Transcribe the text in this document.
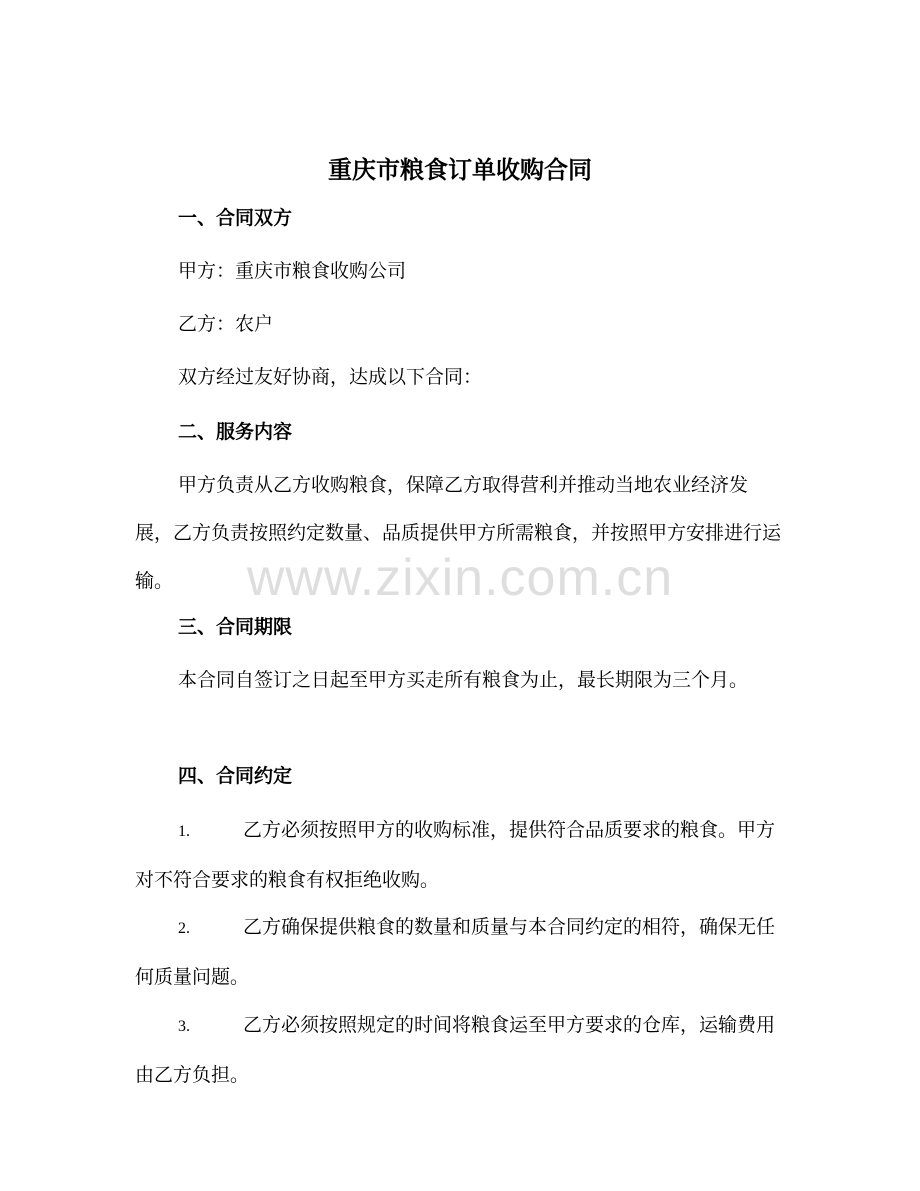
重庆市粮食订单收购合同

一、合同双方

甲方：重庆市粮食收购公司

乙方：农户

双方经过友好协商，达成以下合同：

二、服务内容

甲方负责从乙方收购粮食，保障乙方取得营利并推动当地农业经济发展，乙方负责按照约定数量、品质提供甲方所需粮食，并按照甲方安排进行运输。

三、合同期限

本合同自签订之日起至甲方买走所有粮食为止，最长期限为三个月。

四、合同约定

1.	乙方必须按照甲方的收购标准，提供符合品质要求的粮食。甲方对不符合要求的粮食有权拒绝收购。

2.	乙方确保提供粮食的数量和质量与本合同约定的相符，确保无任何质量问题。

3.	乙方必须按照规定的时间将粮食运至甲方要求的仓库，运输费用由乙方负担。

www.zixin.com.cn
